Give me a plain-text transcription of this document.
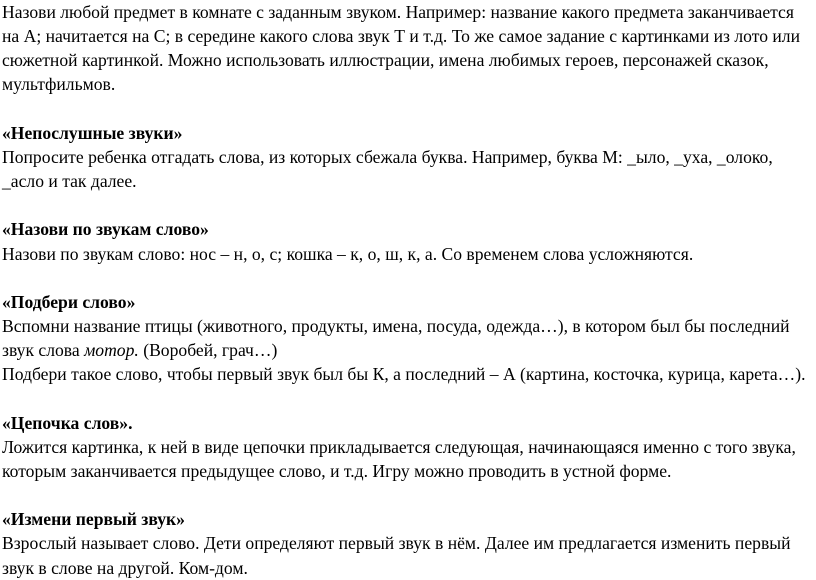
Назови любой предмет в комнате с заданным звуком. Например: название какого предмета заканчивается на А; начитается на С; в середине какого слова звук Т и т.д. То же самое задание с картинками из лото или сюжетной картинкой. Можно использовать иллюстрации, имена любимых героев, персонажей сказок, мультфильмов.

«Непослушные звуки»

Попросите ребенка отгадать слова, из которых сбежала буква. Например, буква М: _ыло, _уха, _олоко, _асло и так далее.

«Назови по звукам слово»

Назови по звукам слово: нос – н, о, с; кошка – к, о, ш, к, а. Со временем слова усложняются.

«Подбери слово»

Вспомни название птицы (животного, продукты, имена, посуда, одежда…), в котором был бы последний звук слова мотор. (Воробей, грач…)

Подбери такое слово, чтобы первый звук был бы К, а последний – А (картина, косточка, курица, карета…).

«Цепочка слов».

Ложится картинка, к ней в виде цепочки прикладывается следующая, начинающаяся именно с того звука, которым заканчивается предыдущее слово, и т.д. Игру можно проводить в устной форме.

«Измени первый звук»

Взрослый называет слово. Дети определяют первый звук в нём. Далее им предлагается изменить первый звук в слове на другой. Ком-дом.
